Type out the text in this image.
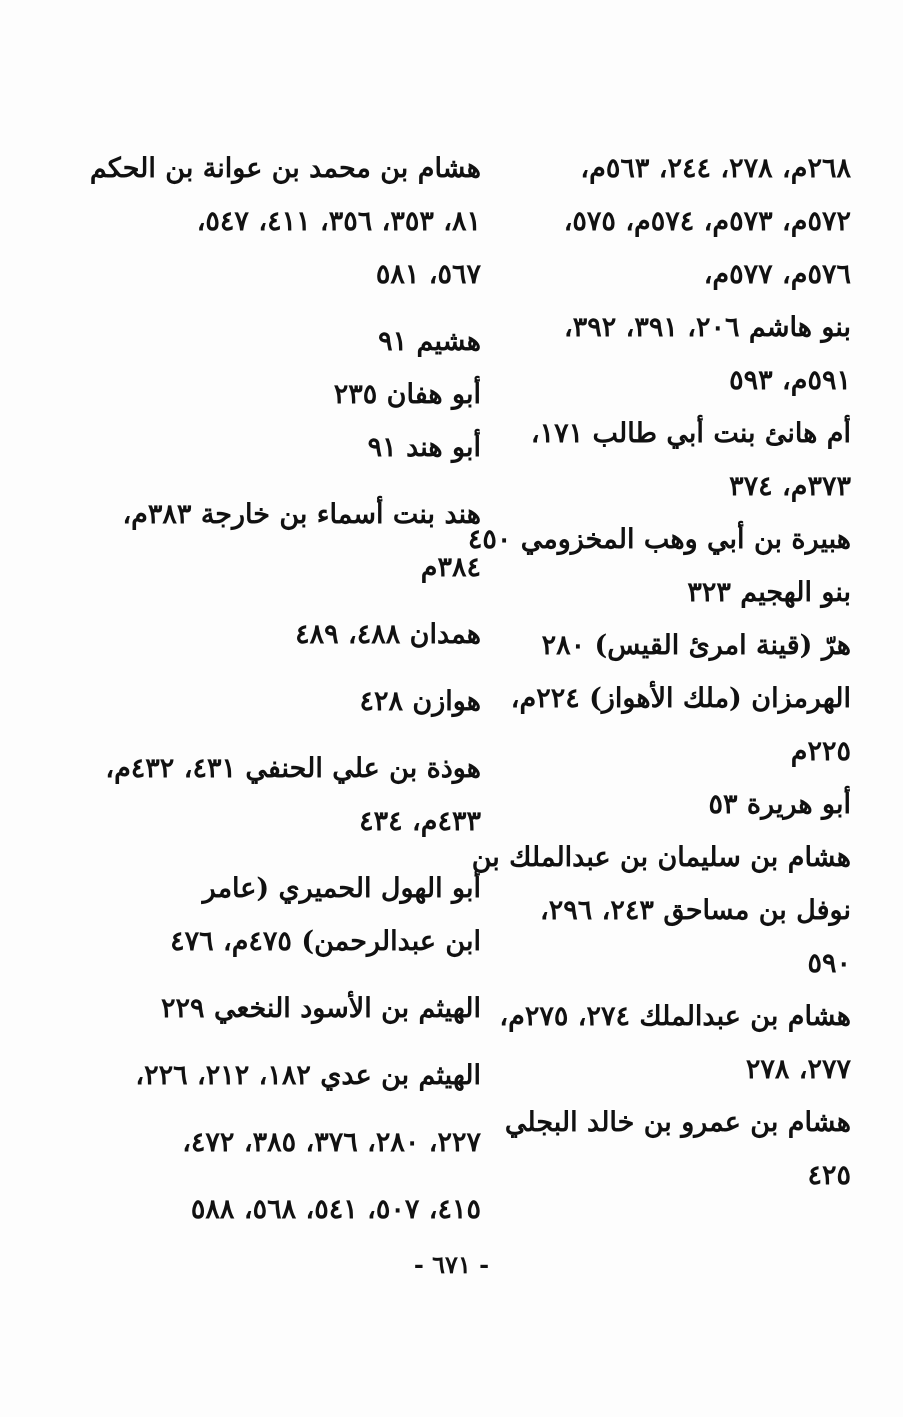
٢٦٨م، ٢٧٨، ٢٤٤، ٥٦٣م،
٥٧٢م، ٥٧٣م، ٥٧٤م، ٥٧٥،
٥٧٦م، ٥٧٧م،
بنو هاشم ٢٠٦، ٣٩١، ٣٩٢،
٥٩١م، ٥٩٣
أم هانئ بنت أبي طالب ١٧١،
٣٧٣م، ٣٧٤
هبيرة بن أبي وهب المخزومي ٤٥٠
بنو الهجيم ٣٢٣
هرّ (قينة امرئ القيس) ٢٨٠
الهرمزان (ملك الأهواز) ٢٢٤م،
٢٢٥م
أبو هريرة ٥٣
هشام بن سليمان بن عبدالملك بن
نوفل بن مساحق ٢٤٣، ٢٩٦،
٥٩٠
هشام بن عبدالملك ٢٧٤، ٢٧٥م،
٢٧٧، ٢٧٨
هشام بن عمرو بن خالد البجلي
٤٢٥
هشام بن محمد بن عوانة بن الحكم
٨١، ٣٥٣، ٣٥٦، ٤١١، ٥٤٧،
٥٦٧، ٥٨١
هشيم ٩١
أبو هفان ٢٣٥
أبو هند ٩١
هند بنت أسماء بن خارجة ٣٨٣م،
٣٨٤م
همدان ٤٨٨، ٤٨٩
هوازن ٤٢٨
هوذة بن علي الحنفي ٤٣١، ٤٣٢م،
٤٣٣م، ٤٣٤
أبو الهول الحميري (عامر
ابن عبدالرحمن) ٤٧٥م، ٤٧٦
الهيثم بن الأسود النخعي ٢٢٩
الهيثم بن عدي ١٨٢، ٢١٢، ٢٢٦،
٢٢٧، ٢٨٠، ٣٧٦، ٣٨٥، ٤٧٢،
٤١٥، ٥٠٧، ٥٤١، ٥٦٨، ٥٨٨
- ٦٧١ -
